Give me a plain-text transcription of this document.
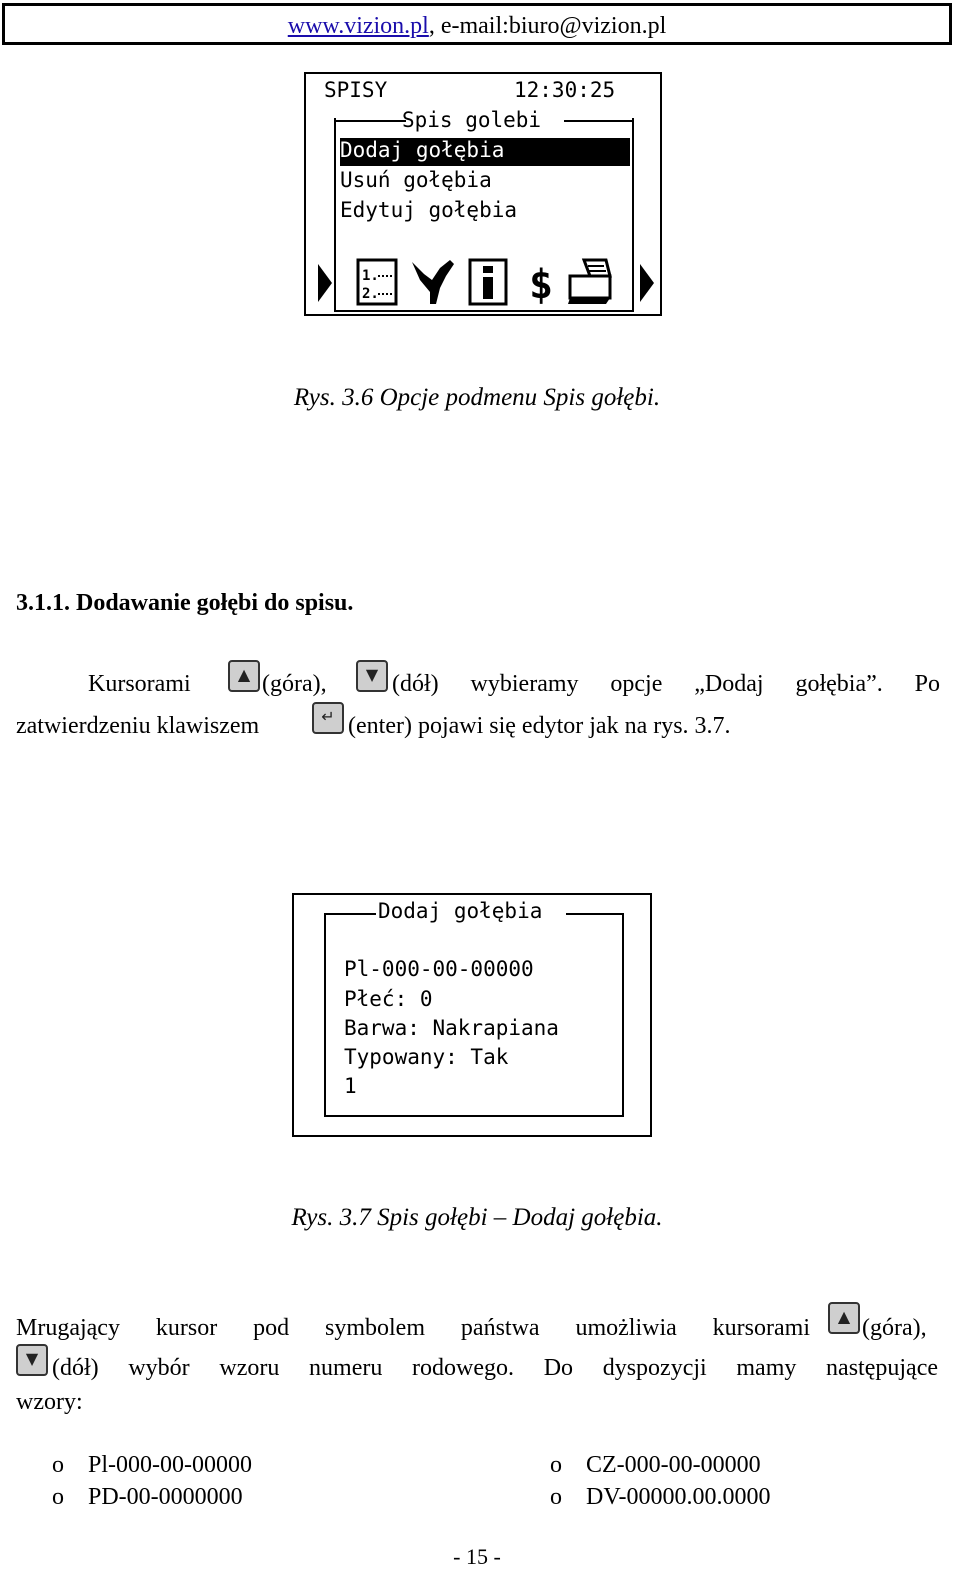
www.vizion.pl, e-mail:biuro@vizion.pl
SPISY	12:30:25
Spis golebi
Dodaj gołębia
Usuń gołębia
Edytuj gołębia
1.
2.	$
Rys. 3.6 Opcje podmenu Spis gołębi.
3.1.1. Dodawanie gołębi do spisu.
Kursorami	▲ (góra),	▼ (dół) wybieramy opcje „Dodaj gołębia”. Po
zatwierdzeniu klawiszem	↵ (enter) pojawi się edytor jak na rys. 3.7.
Dodaj gołębia
Pl-000-00-00000
Płeć: 0
Barwa: Nakrapiana
Typowany: Tak
1
Rys. 3.7 Spis gołębi – Dodaj gołębia.
Mrugający kursor pod symbolem państwa umożliwia kursorami	▲ (góra),
▼ (dół) wybór wzoru numeru rodowego. Do dyspozycji mamy następujące
wzory:
o Pl-000-00-00000
o PD-00-0000000
o CZ-000-00-00000
o DV-00000.00.0000
- 15 -
